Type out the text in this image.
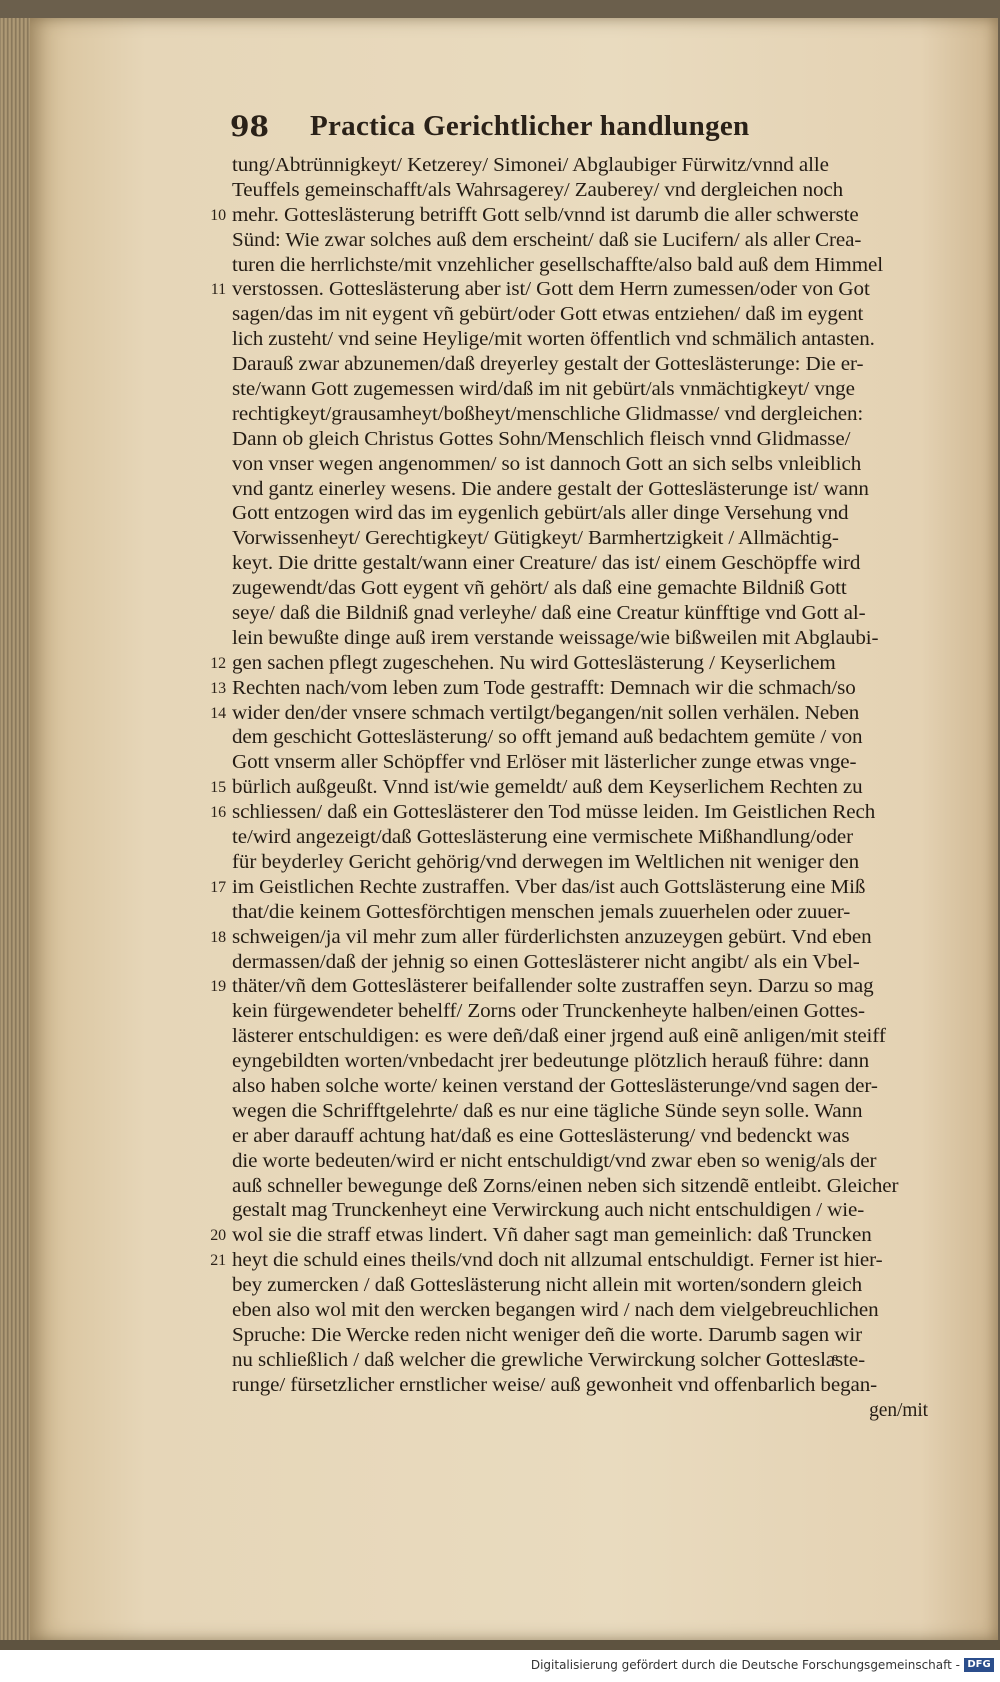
98 Practica Gerichtlicher handlungen
tung/Abtrünnigkeyt/ Ketzerey/ Simonei/ Abglaubiger Fürwitz/vnnd alle
Teuffels gemeinschafft/als Wahrsagerey/ Zauberey/ vnd dergleichen noch
10 mehr. Gotteslästerung betrifft Gott selb/vnnd ist darumb die aller schwerste
Sünd: Wie zwar solches auß dem erscheint/ daß sie Lucifern/ als aller Crea-
turen die herrlichste/mit vnzehlicher gesellschaffte/also bald auß dem Himmel
11 verstossen. Gotteslästerung aber ist/ Gott dem Herrn zumessen/oder von Got
sagen/das im nit eygent vñ gebürt/oder Gott etwas entziehen/ daß im eygent
lich zusteht/ vnd seine Heylige/mit worten öffentlich vnd schmälich antasten.
Darauß zwar abzunemen/daß dreyerley gestalt der Gotteslästerunge: Die er-
ste/wann Gott zugemessen wird/daß im nit gebürt/als vnmächtigkeyt/ vnge
rechtigkeyt/grausamheyt/boßheyt/menschliche Glidmasse/ vnd dergleichen:
Dann ob gleich Christus Gottes Sohn/Menschlich fleisch vnnd Glidmasse/
von vnser wegen angenommen/ so ist dannoch Gott an sich selbs vnleiblich
vnd gantz einerley wesens. Die andere gestalt der Gotteslästerunge ist/ wann
Gott entzogen wird das im eygenlich gebürt/als aller dinge Versehung vnd
Vorwissenheyt/ Gerechtigkeyt/ Gütigkeyt/ Barmhertzigkeit / Allmächtig-
keyt. Die dritte gestalt/wann einer Creature/ das ist/ einem Geschöpffe wird
zugewendt/das Gott eygent vñ gehört/ als daß eine gemachte Bildniß Gott
seye/ daß die Bildniß gnad verleyhe/ daß eine Creatur künfftige vnd Gott al-
lein bewußte dinge auß irem verstande weissage/wie bißweilen mit Abglaubi-
12 gen sachen pflegt zugeschehen. Nu wird Gotteslästerung / Keyserlichem
13 Rechten nach/vom leben zum Tode gestrafft: Demnach wir die schmach/so
14 wider den/der vnsere schmach vertilgt/begangen/nit sollen verhälen. Neben
dem geschicht Gotteslästerung/ so offt jemand auß bedachtem gemüte / von
Gott vnserm aller Schöpffer vnd Erlöser mit lästerlicher zunge etwas vnge-
15 bürlich außgeußt. Vnnd ist/wie gemeldt/ auß dem Keyserlichem Rechten zu
16 schliessen/ daß ein Gotteslästerer den Tod müsse leiden. Im Geistlichen Rech
te/wird angezeigt/daß Gotteslästerung eine vermischete Mißhandlung/oder
für beyderley Gericht gehörig/vnd derwegen im Weltlichen nit weniger den
17 im Geistlichen Rechte zustraffen. Vber das/ist auch Gottslästerung eine Miß
that/die keinem Gottesförchtigen menschen jemals zuuerhelen oder zuuer-
18 schweigen/ja vil mehr zum aller fürderlichsten anzuzeygen gebürt. Vnd eben
dermassen/daß der jehnig so einen Gotteslästerer nicht angibt/ als ein Vbel-
19 thäter/vñ dem Gotteslästerer beifallender solte zustraffen seyn. Darzu so mag
kein fürgewendeter behelff/ Zorns oder Trunckenheyte halben/einen Gottes-
lästerer entschuldigen: es were deñ/daß einer jrgend auß einẽ anligen/mit steiff
eyngebildten worten/vnbedacht jrer bedeutunge plötzlich herauß führe: dann
also haben solche worte/ keinen verstand der Gotteslästerunge/vnd sagen der-
wegen die Schrifftgelehrte/ daß es nur eine tägliche Sünde seyn solle. Wann
er aber darauff achtung hat/daß es eine Gotteslästerung/ vnd bedenckt was
die worte bedeuten/wird er nicht entschuldigt/vnd zwar eben so wenig/als der
auß schneller bewegunge deß Zorns/einen neben sich sitzendẽ entleibt. Gleicher
gestalt mag Trunckenheyt eine Verwirckung auch nicht entschuldigen / wie-
20 wol sie die straff etwas lindert. Vñ daher sagt man gemeinlich: daß Truncken
21 heyt die schuld eines theils/vnd doch nit allzumal entschuldigt. Ferner ist hier-
bey zumercken / daß Gotteslästerung nicht allein mit worten/sondern gleich
eben also wol mit den wercken begangen wird / nach dem vielgebreuchlichen
Spruche: Die Wercke reden nicht weniger deñ die worte. Darumb sagen wir
nu schließlich / daß welcher die grewliche Verwirckung solcher Gotteslaͤste-
runge/ fürsetzlicher ernstlicher weise/ auß gewonheit vnd offenbarlich began-
gen/mit
Digitalisierung gefördert durch die Deutsche Forschungsgemeinschaft - DFG
